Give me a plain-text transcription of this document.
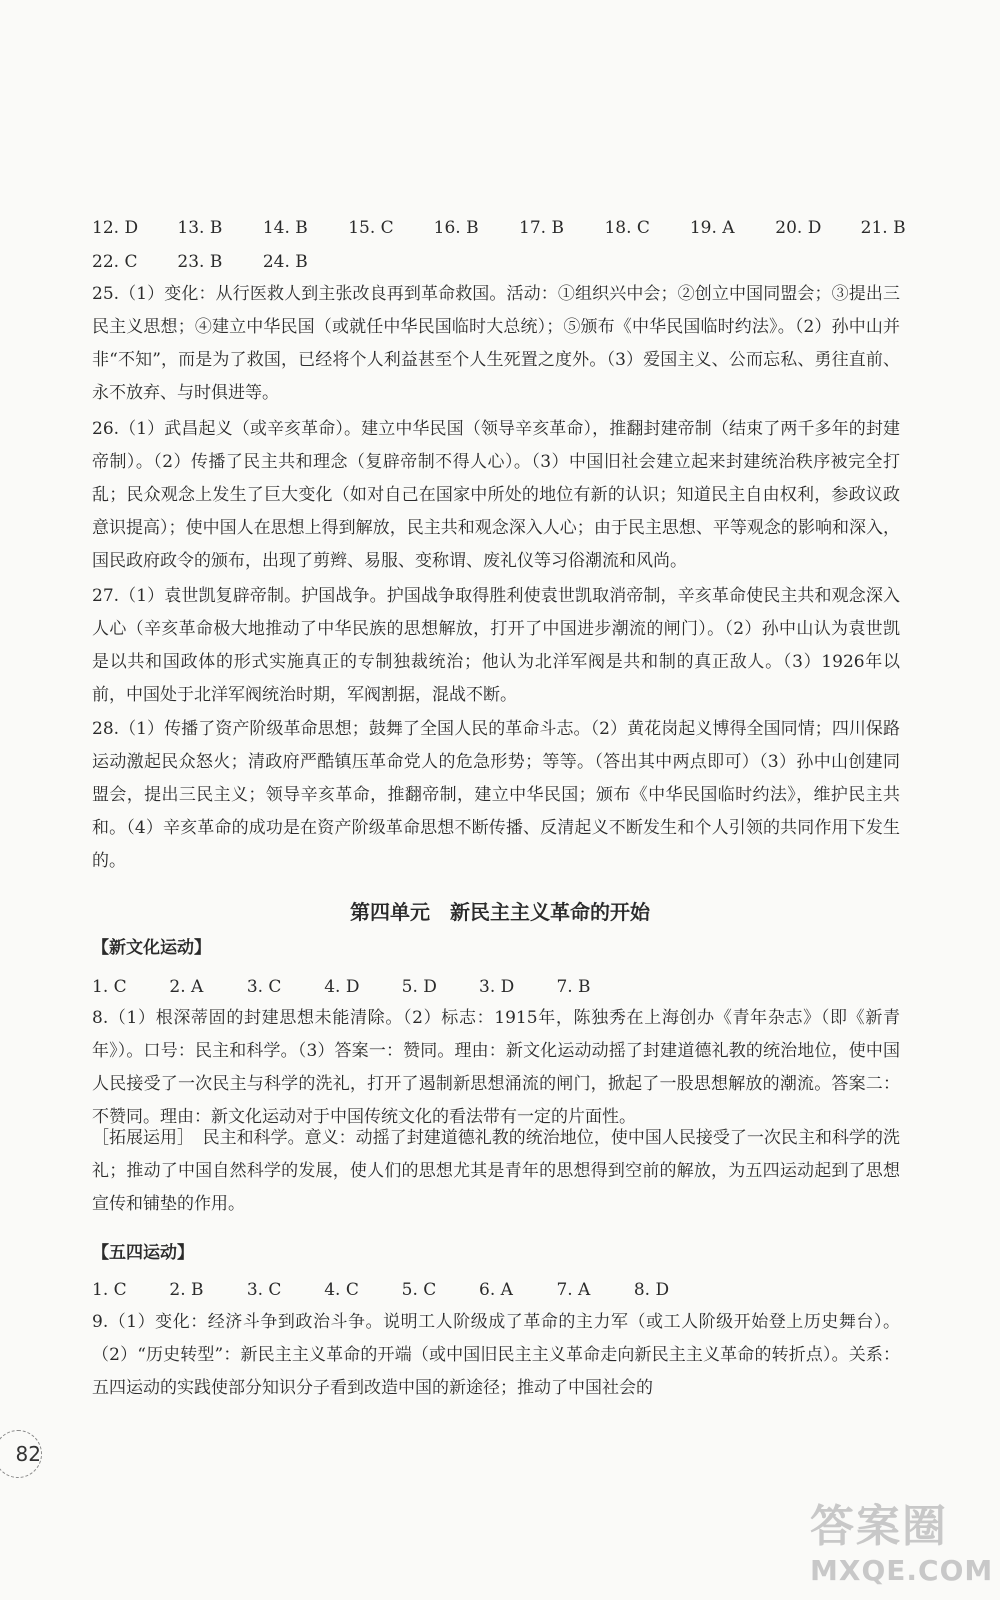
12. D 13. B 14. B 15. C 16. B 17. B 18. C 19. A 20. D 21. B
22. C 23. B 24. B
25.（1）变化：从行医救人到主张改良再到革命救国。活动：①组织兴中会；②创立中国同盟会；③提出三民主义思想；④建立中华民国（或就任中华民国临时大总统）；⑤颁布《中华民国临时约法》。（2）孙中山并非“不知”，而是为了救国，已经将个人利益甚至个人生死置之度外。（3）爱国主义、公而忘私、勇往直前、永不放弃、与时俱进等。
26.（1）武昌起义（或辛亥革命）。建立中华民国（领导辛亥革命），推翻封建帝制（结束了两千多年的封建帝制）。（2）传播了民主共和理念（复辟帝制不得人心）。（3）中国旧社会建立起来封建统治秩序被完全打乱；民众观念上发生了巨大变化（如对自己在国家中所处的地位有新的认识；知道民主自由权利，参政议政意识提高）；使中国人在思想上得到解放，民主共和观念深入人心；由于民主思想、平等观念的影响和深入，国民政府政令的颁布，出现了剪辫、易服、变称谓、废礼仪等习俗潮流和风尚。
27.（1）袁世凯复辟帝制。护国战争。护国战争取得胜利使袁世凯取消帝制，辛亥革命使民主共和观念深入人心（辛亥革命极大地推动了中华民族的思想解放，打开了中国进步潮流的闸门）。（2）孙中山认为袁世凯是以共和国政体的形式实施真正的专制独裁统治；他认为北洋军阀是共和制的真正敌人。（3）1926年以前，中国处于北洋军阀统治时期，军阀割据，混战不断。
28.（1）传播了资产阶级革命思想；鼓舞了全国人民的革命斗志。（2）黄花岗起义博得全国同情；四川保路运动激起民众怒火；清政府严酷镇压革命党人的危急形势；等等。（答出其中两点即可）（3）孙中山创建同盟会，提出三民主义；领导辛亥革命，推翻帝制，建立中华民国；颁布《中华民国临时约法》，维护民主共和。（4）辛亥革命的成功是在资产阶级革命思想不断传播、反清起义不断发生和个人引领的共同作用下发生的。
第四单元　新民主主义革命的开始
【新文化运动】
1. C	2. A	3. C	4. D 5. D 3. D 7. B
8.（1）根深蒂固的封建思想未能清除。（2）标志：1915年，陈独秀在上海创办《青年杂志》（即《新青年》）。口号：民主和科学。（3）答案一：赞同。理由：新文化运动动摇了封建道德礼教的统治地位，使中国人民接受了一次民主与科学的洗礼，打开了遏制新思想涌流的闸门，掀起了一股思想解放的潮流。答案二：不赞同。理由：新文化运动对于中国传统文化的看法带有一定的片面性。
［拓展运用］　民主和科学。意义：动摇了封建道德礼教的统治地位，使中国人民接受了一次民主和科学的洗礼；推动了中国自然科学的发展，使人们的思想尤其是青年的思想得到空前的解放，为五四运动起到了思想宣传和铺垫的作用。
【五四运动】
1. C	2. B	3. C	4. C	5. C	6. A	7. A	8. D
9.（1）变化：经济斗争到政治斗争。说明工人阶级成了革命的主力军（或工人阶级开始登上历史舞台）。（2）“历史转型”：新民主主义革命的开端（或中国旧民主主义革命走向新民主主义革命的转折点）。关系：五四运动的实践使部分知识分子看到改造中国的新途径；推动了中国社会的
82
答案圈
MXQE.COM
